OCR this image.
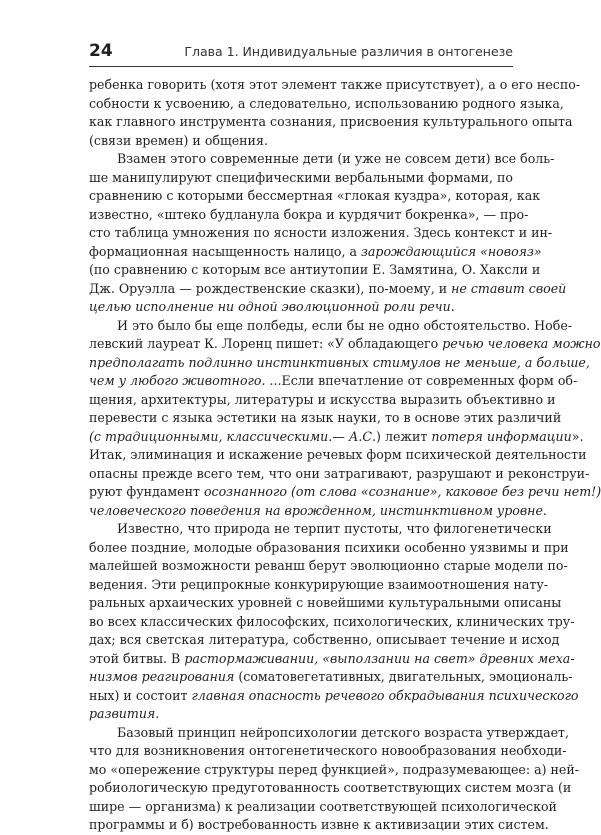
24	Глава 1. Индивидуальные различия в онтогенезе
ребенка говорить (хотя этот элемент также присутствует), а о его неспо-
собности к усвоению, а следовательно, использованию родного языка,
как главного инструмента сознания, присвоения культурального опыта
(связи времен) и общения.
Взамен этого современные дети (и уже не совсем дети) все боль-
ше манипулируют специфическими вербальными формами, по
сравнению с которыми бессмертная «глокая куздра», которая, как
известно, «штеко будланула бокра и курдячит бокренка», — про-
сто таблица умножения по ясности изложения. Здесь контекст и ин-
формационная насыщенность налицо, а зарождающийся «новояз»
(по сравнению с которым все антиутопии Е. Замятина, О. Хаксли и
Дж. Оруэлла — рождественские сказки), по-моему, и не ставит своей
целью исполнение ни одной эволюционной роли речи.
И это было бы еще полбеды, если бы не одно обстоятельство. Нобе-
левский лауреат К. Лоренц пишет: «У обладающего речью человека можно
предполагать подлинно инстинктивных стимулов не меньше, а больше,
чем у любого животного. ...Если впечатление от современных форм об-
щения, архитектуры, литературы и искусства выразить объективно и
перевести с языка эстетики на язык науки, то в основе этих различий
(с традиционными, классическими.— А.С.) лежит потеря информации».
Итак, элиминация и искажение речевых форм психической деятельности
опасны прежде всего тем, что они затрагивают, разрушают и реконструи-
руют фундамент осознанного (от слова «сознание», каковое без речи нет!)
человеческого поведения на врожденном, инстинктивном уровне.
Известно, что природа не терпит пустоты, что филогенетически
более поздние, молодые образования психики особенно уязвимы и при
малейшей возможности реванш берут эволюционно старые модели по-
ведения. Эти реципрокные конкурирующие взаимоотношения нату-
ральных архаических уровней с новейшими культуральными описаны
во всех классических философских, психологических, клинических тру-
дах; вся светская литература, собственно, описывает течение и исход
этой битвы. В растормаживании, «выползании на свет» древних меха-
низмов реагирования (соматовегетативных, двигательных, эмоциональ-
ных) и состоит главная опасность речевого обкрадывания психического
развития.
Базовый принцип нейропсихологии детского возраста утверждает,
что для возникновения онтогенетического новообразования необходи-
мо «опережение структуры перед функцией», подразумевающее: а) ней-
робиологическую предуготованность соответствующих систем мозга (и
шире — организма) к реализации соответствующей психологической
программы и б) востребованность извне к активизации этих систем.
